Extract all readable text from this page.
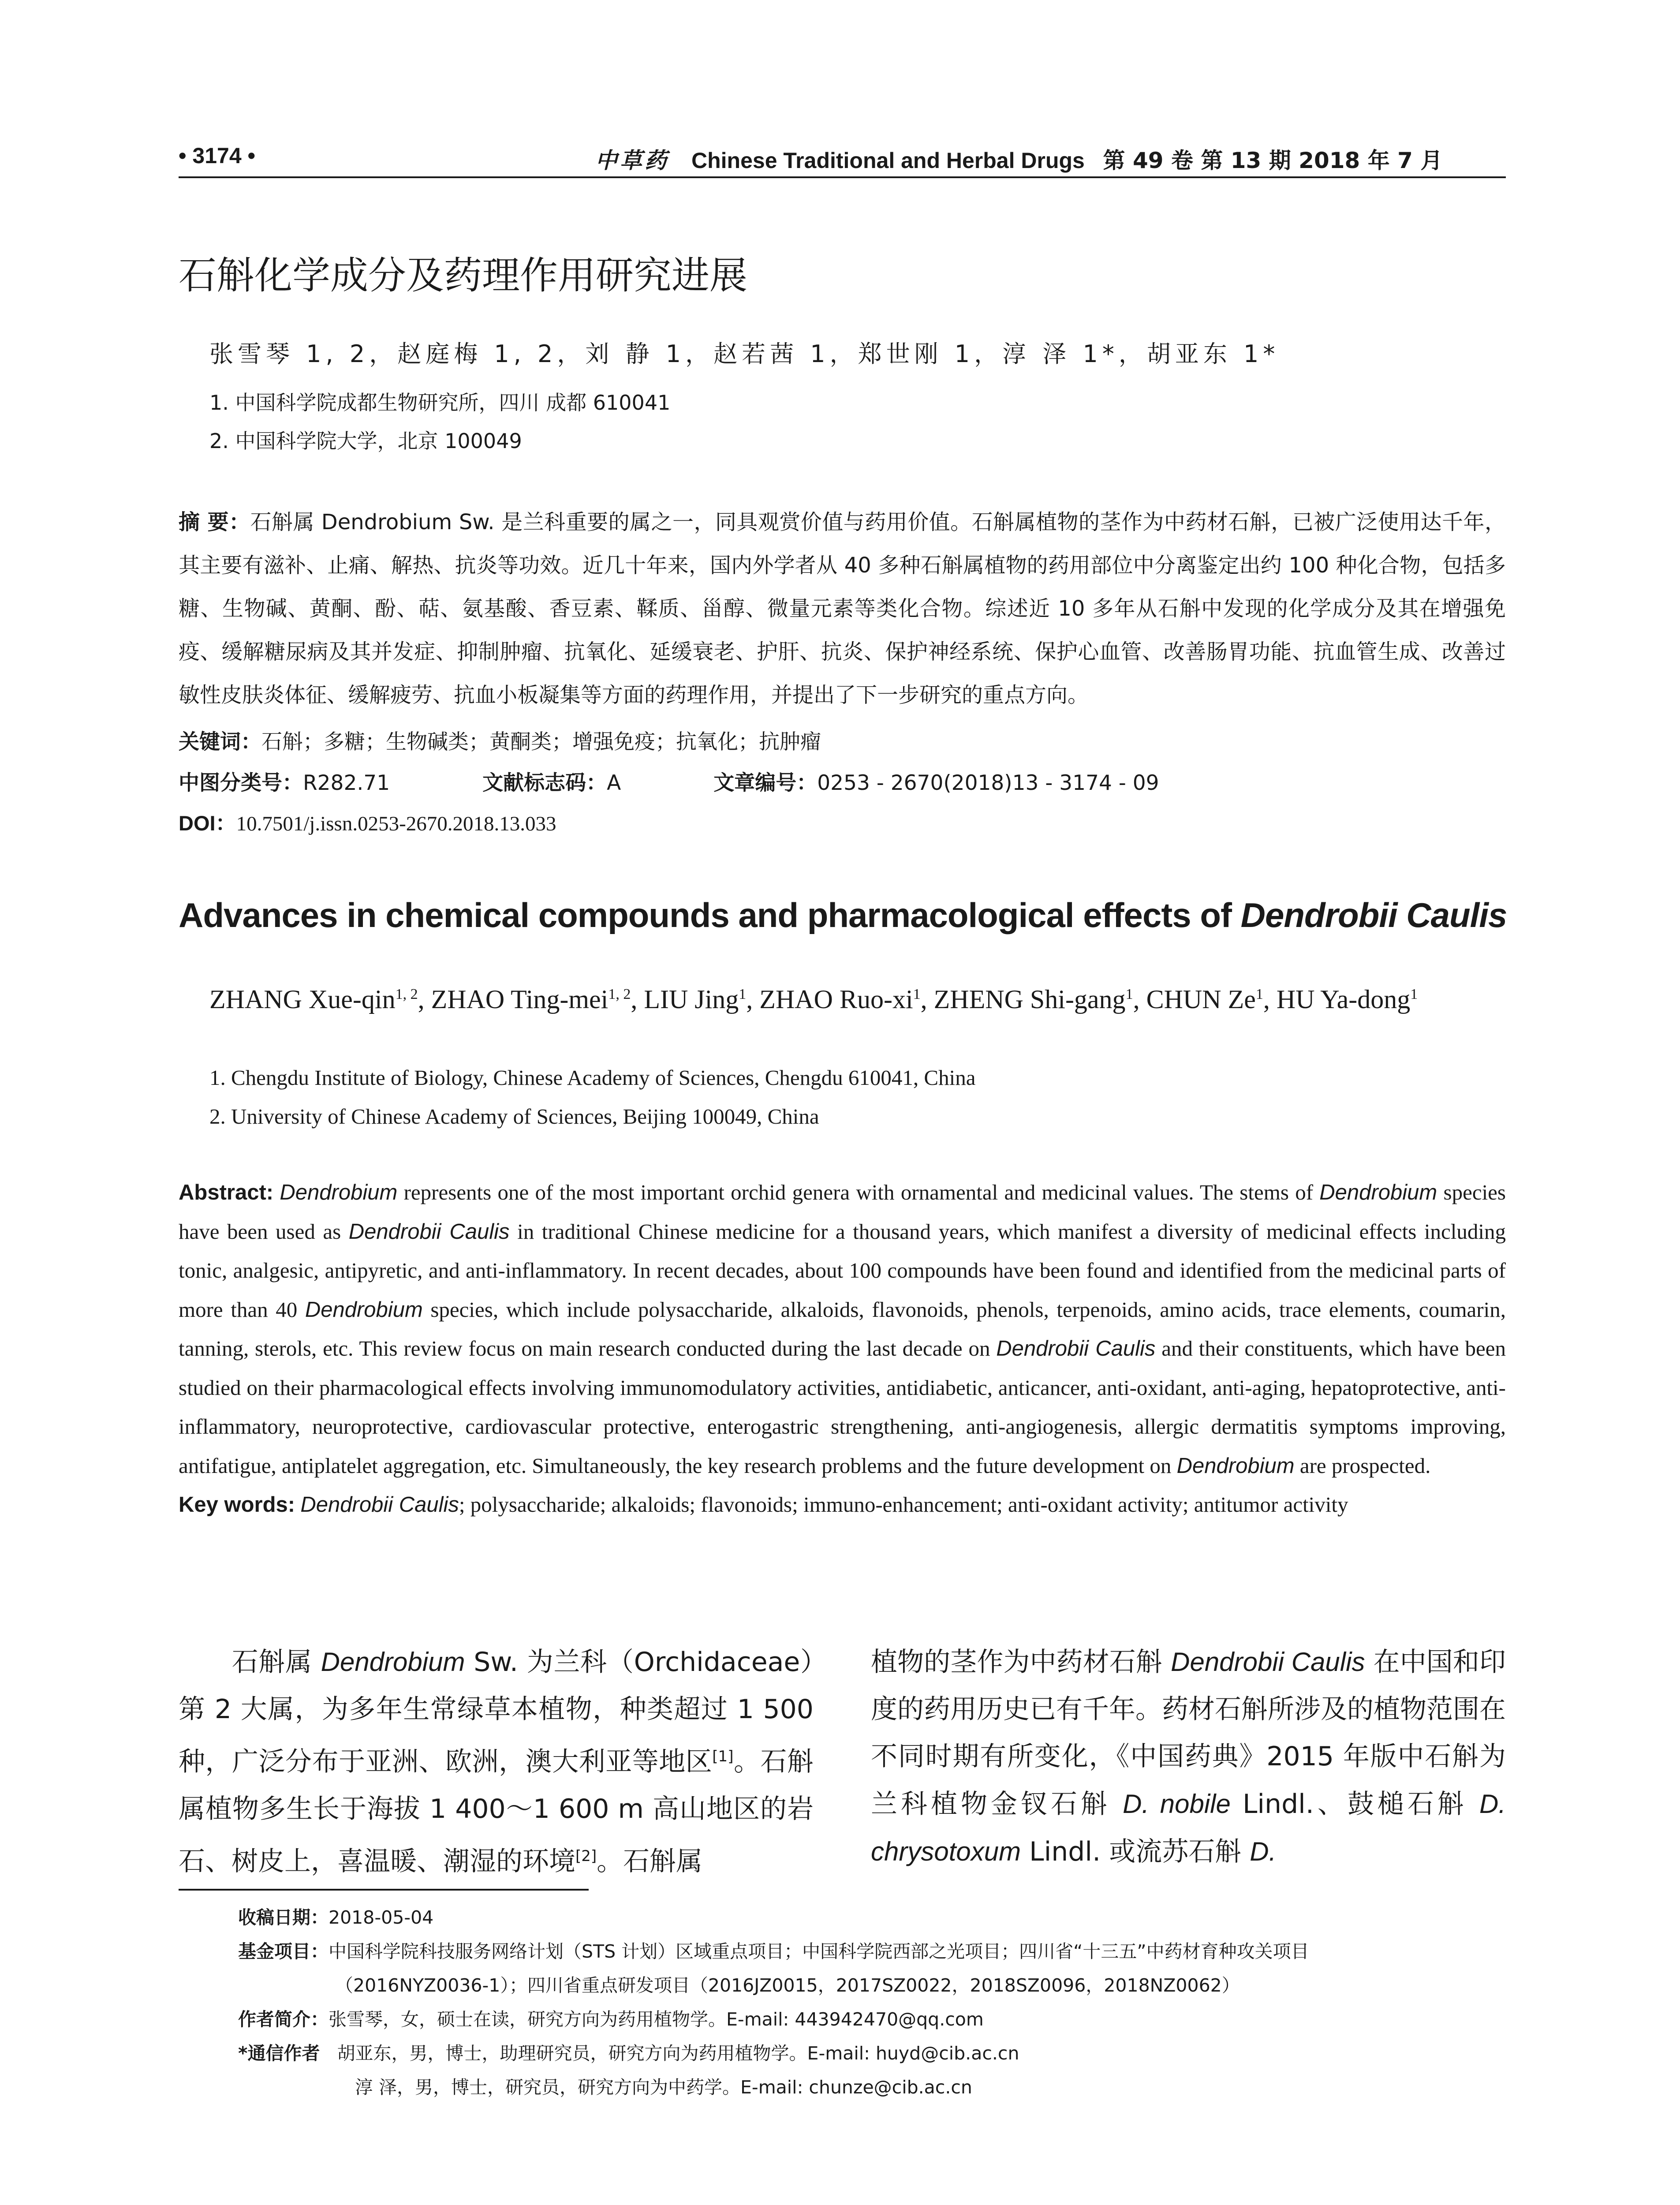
• 3174 •	中草药 Chinese Traditional and Herbal Drugs 第 49 卷 第 13 期 2018 年 7 月
石斛化学成分及药理作用研究进展
张雪琴 1, 2，赵庭梅 1, 2，刘 静 1，赵若茜 1，郑世刚 1，淳 泽 1*，胡亚东 1*
1. 中国科学院成都生物研究所，四川 成都 610041
2. 中国科学院大学，北京 100049
摘 要：石斛属 Dendrobium Sw. 是兰科重要的属之一，同具观赏价值与药用价值。石斛属植物的茎作为中药材石斛，已被广泛使用达千年，其主要有滋补、止痛、解热、抗炎等功效。近几十年来，国内外学者从 40 多种石斛属植物的药用部位中分离鉴定出约 100 种化合物，包括多糖、生物碱、黄酮、酚、萜、氨基酸、香豆素、鞣质、甾醇、微量元素等类化合物。综述近 10 多年从石斛中发现的化学成分及其在增强免疫、缓解糖尿病及其并发症、抑制肿瘤、抗氧化、延缓衰老、护肝、抗炎、保护神经系统、保护心血管、改善肠胃功能、抗血管生成、改善过敏性皮肤炎体征、缓解疲劳、抗血小板凝集等方面的药理作用，并提出了下一步研究的重点方向。
关键词：石斛；多糖；生物碱类；黄酮类；增强免疫；抗氧化；抗肿瘤
中图分类号：R282.71	文献标志码：A	文章编号：0253 - 2670(2018)13 - 3174 - 09
DOI：10.7501/j.issn.0253-2670.2018.13.033
Advances in chemical compounds and pharmacological effects of Dendrobii Caulis
ZHANG Xue-qin$^{1, 2}$, ZHAO Ting-mei$^{1, 2}$, LIU Jing$^1$, ZHAO Ruo-$xi^1$, ZHENG Shi-gang$^1$, CHUN Ze$^1$, HU Ya-dong$^1$
1. Chengdu Institute of Biology, Chinese Academy of Sciences, Chengdu 610041, China
2. University of Chinese Academy of Sciences, Beijing 100049, China
Abstract: Dendrobium represents one of the most important orchid genera with ornamental and medicinal values. The stems of Dendrobium species have been used as Dendrobii Caulis in traditional Chinese medicine for a thousand years, which manifest a diversity of medicinal effects including tonic, analgesic, antipyretic, and anti-inflammatory. In recent decades, about 100 compounds have been found and identified from the medicinal parts of more than 40 Dendrobium species, which include polysaccharide, alkaloids, flavonoids, phenols, terpenoids, amino acids, trace elements, coumarin, tanning, sterols, etc. This review focus on main research conducted during the last decade on Dendrobii Caulis and their constituents, which have been studied on their pharmacological effects involving immunomodulatory activities, antidiabetic, anticancer, anti-oxidant, anti-aging, hepatoprotective, anti-inflammatory, neuroprotective, cardiovascular protective, enterogastric strengthening, anti-angiogenesis, allergic dermatitis symptoms improving, antifatigue, antiplatelet aggregation, etc. Simultaneously, the key research problems and the future development on Dendrobium are prospected.
Key words: Dendrobii Caulis; polysaccharide; alkaloids; flavonoids; immuno-enhancement; anti-oxidant activity; antitumor activity
石斛属 Dendrobium Sw. 为兰科（Orchidaceae）第 2 大属，为多年生常绿草本植物，种类超过 1 500 种，广泛分布于亚洲、欧洲，澳大利亚等地区[1]。石斛属植物多生长于海拔 1 400～1 600 m 高山地区的岩石、树皮上，喜温暖、潮湿的环境[2]。石斛属
植物的茎作为中药材石斛 Dendrobii Caulis 在中国和印度的药用历史已有千年。药材石斛所涉及的植物范围在不同时期有所变化，《中国药典》2015 年版中石斛为兰科植物金钗石斛 D. nobile Lindl.、鼓槌石斛 D. chrysotoxum Lindl. 或流苏石斛 D.
收稿日期：2018-05-04
基金项目：中国科学院科技服务网络计划（STS 计划）区域重点项目；中国科学院西部之光项目；四川省“十三五”中药材育种攻关项目
（2016NYZ0036-1）；四川省重点研发项目（2016JZ0015，2017SZ0022，2018SZ0096，2018NZ0062）
作者简介：张雪琴，女，硕士在读，研究方向为药用植物学。E-mail: 443942470@qq.com
*通信作者 胡亚东，男，博士，助理研究员，研究方向为药用植物学。E-mail: huyd@cib.ac.cn
淳 泽，男，博士，研究员，研究方向为中药学。E-mail: chunze@cib.ac.cn
